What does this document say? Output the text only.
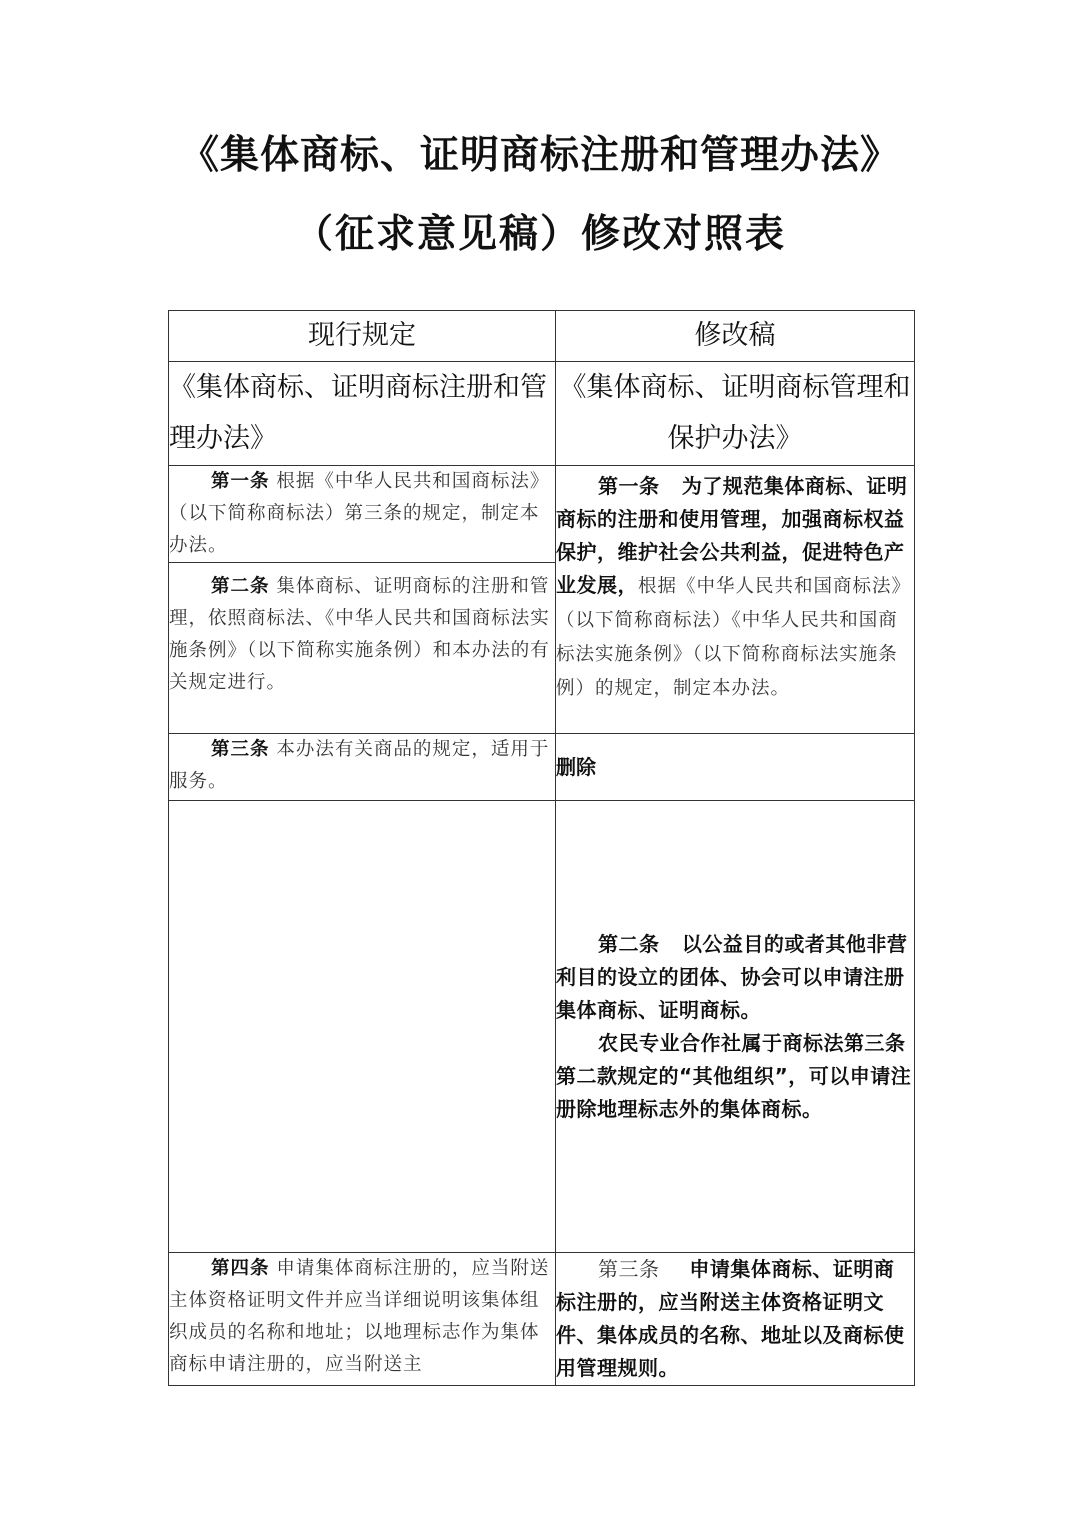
《集体商标、证明商标注册和管理办法》
（征求意见稿）修改对照表
现行规定	修改稿
《集体商标、证明商标注册和管理办法》	《集体商标、证明商标管理和保护办法》
第一条 根据《中华人民共和国商标法》（以下简称商标法）第三条的规定，制定本办法。	第一条 为了规范集体商标、证明商标的注册和使用管理，加强商标权益保护，维护社会公共利益，促进特色产业发展，根据《中华人民共和国商标法》（以下简称商标法）《中华人民共和国商标法实施条例》（以下简称商标法实施条例）的规定，制定本办法。
第二条 集体商标、证明商标的注册和管理，依照商标法、《中华人民共和国商标法实施条例》（以下简称实施条例）和本办法的有关规定进行。	
第三条 本办法有关商品的规定，适用于服务。	删除

	第二条 以公益目的或者其他非营利目的设立的团体、协会可以申请注册集体商标、证明商标。
农民专业合作社属于商标法第三条第二款规定的“其他组织”，可以申请注册除地理标志外的集体商标。

第四条 申请集体商标注册的，应当附送主体资格证明文件并应当详细说明该集体组织成员的名称和地址；以地理标志作为集体商标申请注册的，应当附送主	第三条 申请集体商标、证明商标注册的，应当附送主体资格证明文件、集体成员的名称、地址以及商标使用管理规则。
